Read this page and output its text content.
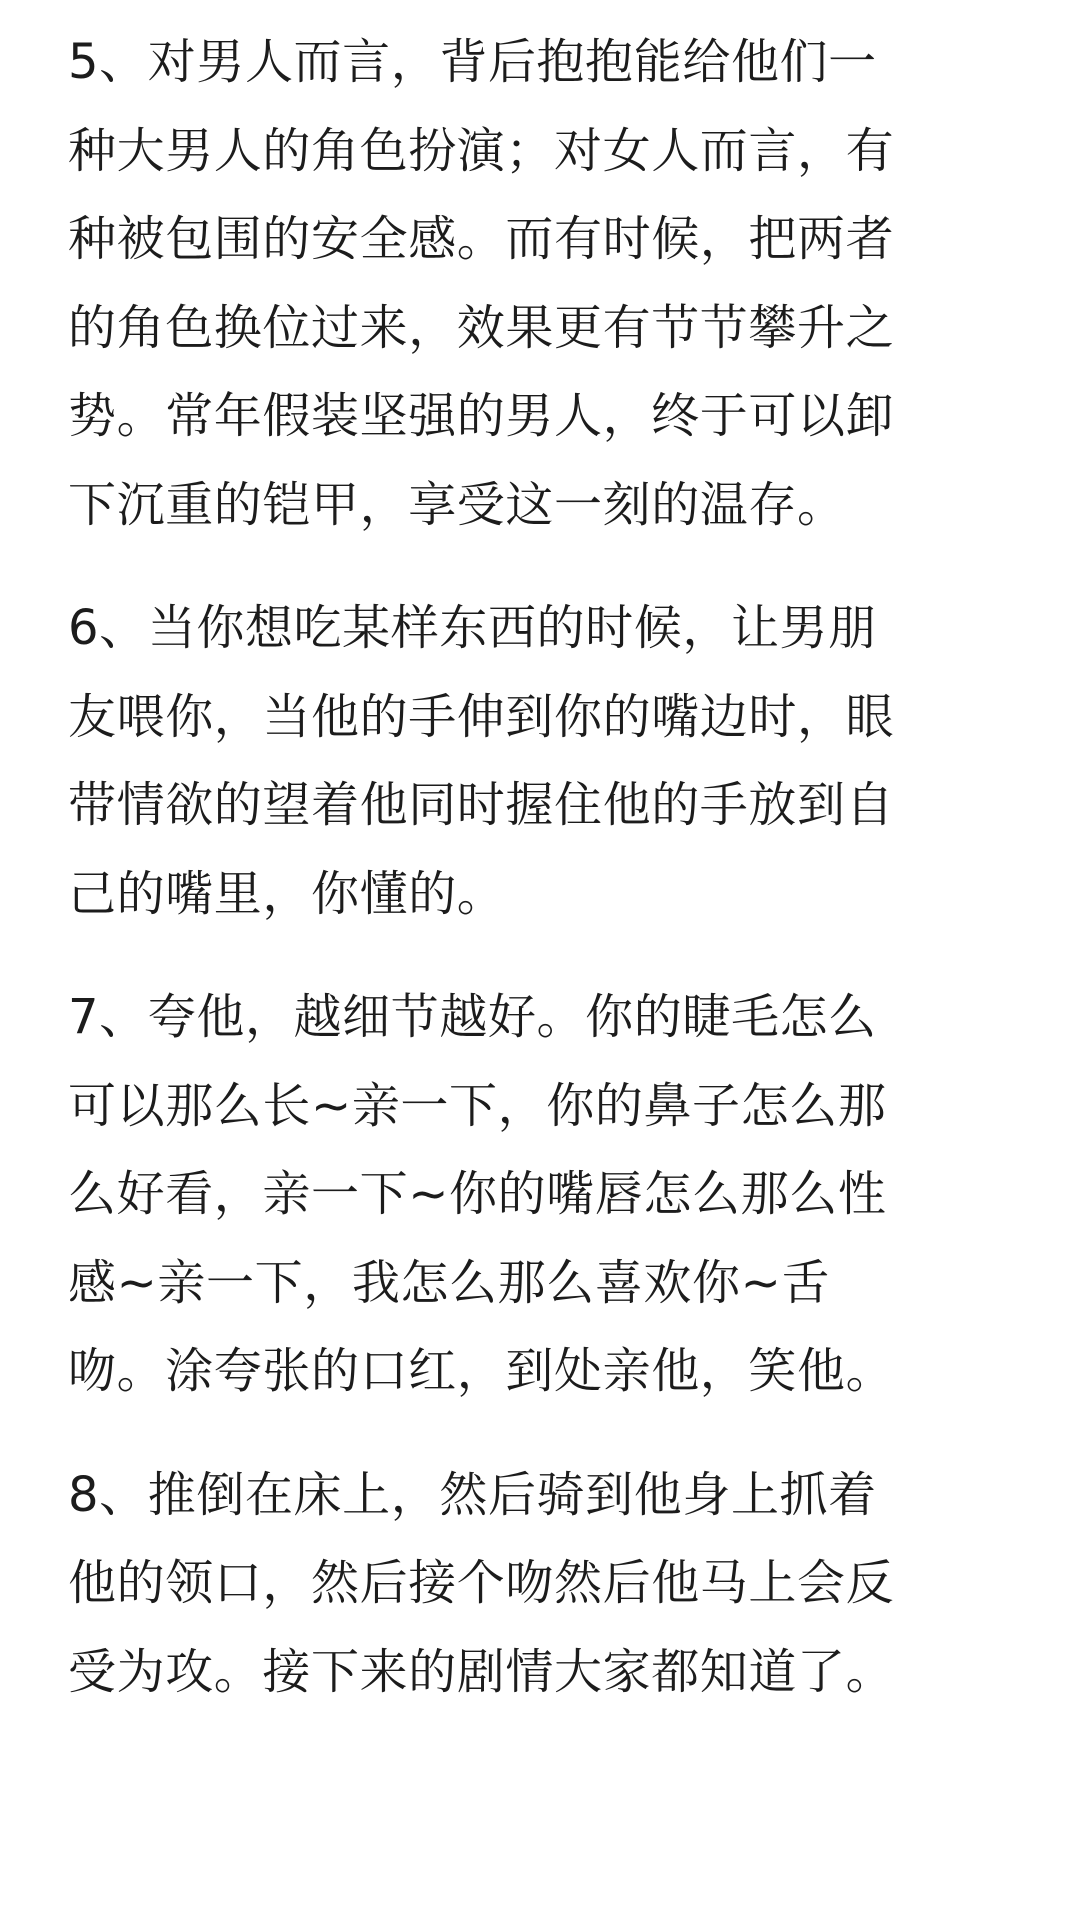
5、对男人而言，背后抱抱能给他们一
种大男人的角色扮演；对女人而言，有
种被包围的安全感。而有时候，把两者
的角色换位过来，效果更有节节攀升之
势。常年假装坚强的男人，终于可以卸
下沉重的铠甲，享受这一刻的温存。

6、当你想吃某样东西的时候，让男朋
友喂你，当他的手伸到你的嘴边时，眼
带情欲的望着他同时握住他的手放到自
己的嘴里，你懂的。

7、夸他，越细节越好。你的睫毛怎么
可以那么长~亲一下，你的鼻子怎么那
么好看，亲一下~你的嘴唇怎么那么性
感~亲一下，我怎么那么喜欢你~舌
吻。涂夸张的口红，到处亲他，笑他。

8、推倒在床上，然后骑到他身上抓着
他的领口，然后接个吻然后他马上会反
受为攻。接下来的剧情大家都知道了。
